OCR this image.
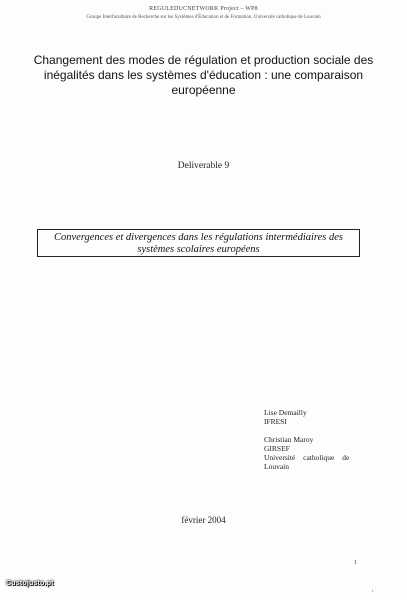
REGULEDUCNETWORK Project – WP8
Groupe Interfacultaire de Recherche sur les Systèmes d'Éducation et de Formation, Université catholique de Louvain
Changement des modes de régulation et production sociale des inégalités dans les systèmes d'éducation : une comparaison européenne
Deliverable 9
Convergences et divergences dans les régulations intermédiaires des systèmes scolaires européens
Lise Demailly
IFRESI
Christian Maroy
GIRSEF
Université catholique de
Louvain
février 2004
1
r
Custojusto.pt
